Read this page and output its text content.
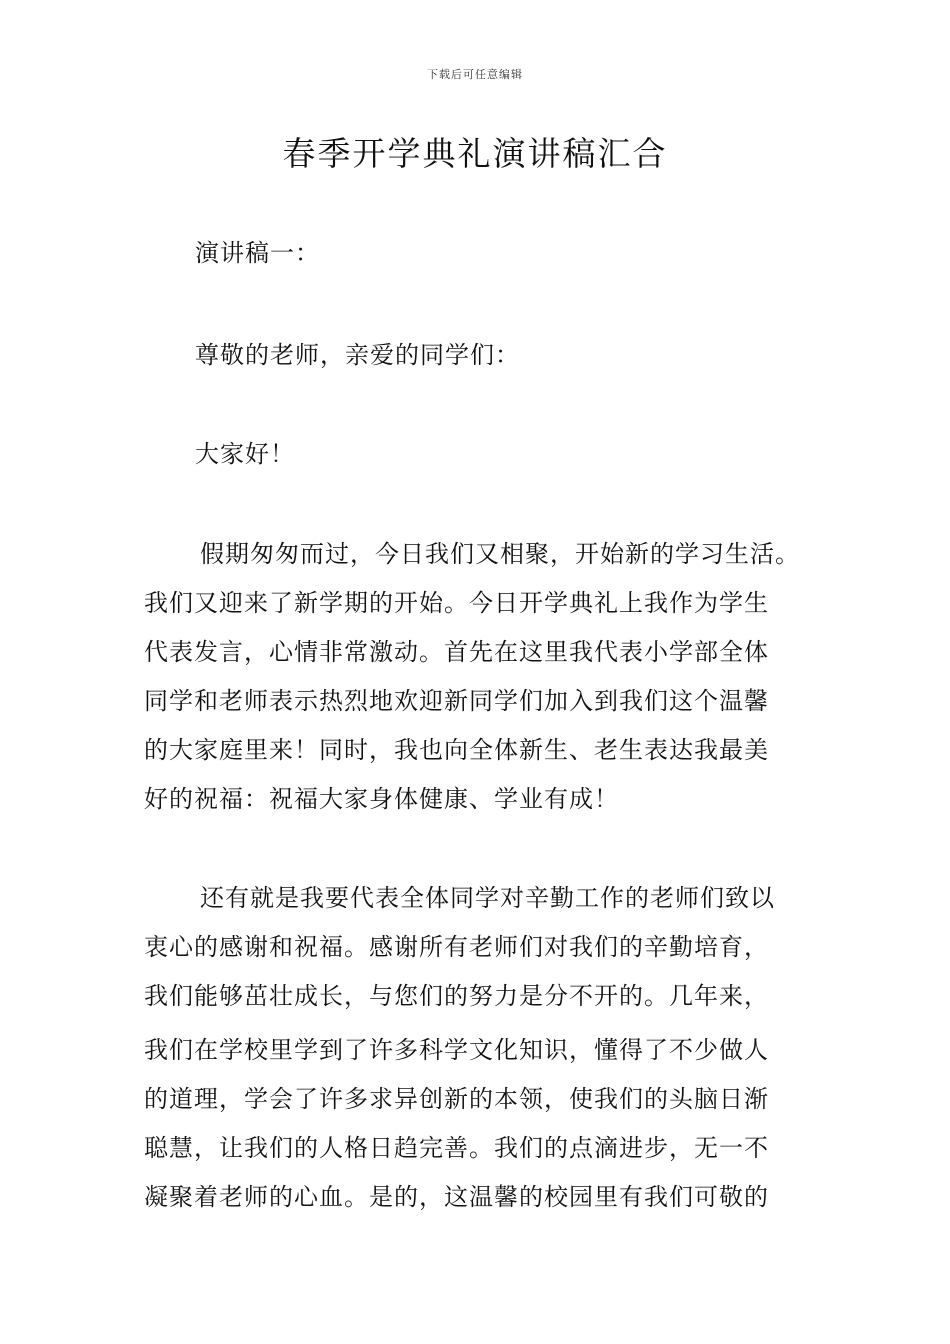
下载后可任意编辑
春季开学典礼演讲稿汇合
演讲稿一：
尊敬的老师，亲爱的同学们：
大家好！
假期匆匆而过，今日我们又相聚，开始新的学习生活。
我们又迎来了新学期的开始。今日开学典礼上我作为学生
代表发言，心情非常激动。首先在这里我代表小学部全体
同学和老师表示热烈地欢迎新同学们加入到我们这个温馨
的大家庭里来！同时，我也向全体新生、老生表达我最美
好的祝福：祝福大家身体健康、学业有成！
还有就是我要代表全体同学对辛勤工作的老师们致以
衷心的感谢和祝福。感谢所有老师们对我们的辛勤培育，
我们能够茁壮成长，与您们的努力是分不开的。几年来，
我们在学校里学到了许多科学文化知识，懂得了不少做人
的道理，学会了许多求异创新的本领，使我们的头脑日渐
聪慧，让我们的人格日趋完善。我们的点滴进步，无一不
凝聚着老师的心血。是的，这温馨的校园里有我们可敬的
